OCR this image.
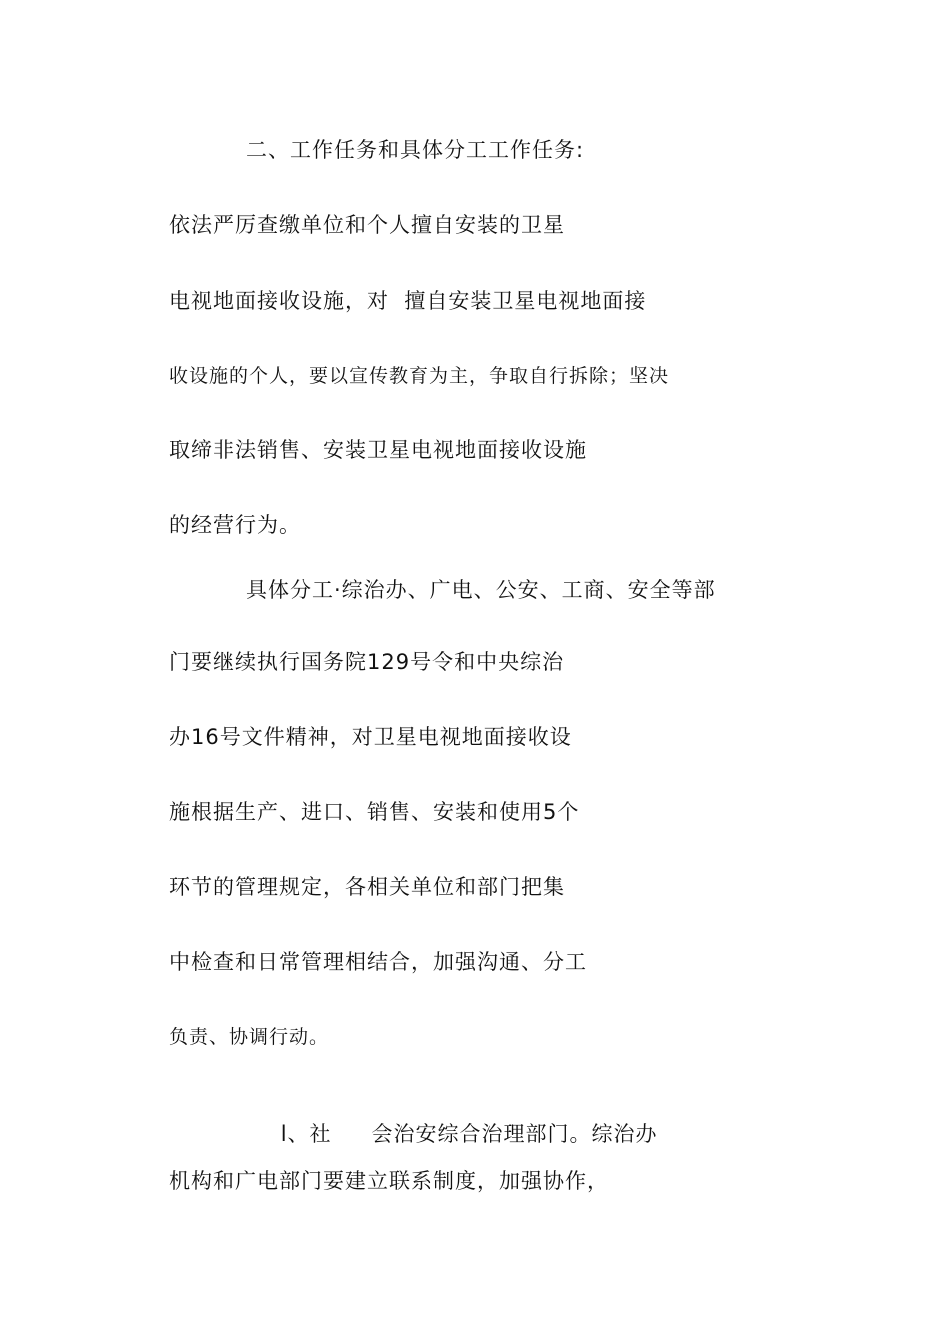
二、工作任务和具体分工工作任务:
依法严厉查缴单位和个人擅自安装的卫星
电视地面接收设施，对  擅自安装卫星电视地面接
收设施的个人，要以宣传教育为主，争取自行拆除；坚决
取缔非法销售、安装卫星电视地面接收设施
的经营行为。
具体分工·综治办、广电、公安、工商、安全等部
门要继续执行国务院129号令和中央综治
办16号文件精神，对卫星电视地面接收设
施根据生产、进口、销售、安装和使用5个
环节的管理规定，各相关单位和部门把集
中检查和日常管理相结合，加强沟通、分工
负责、协调行动。

l、社 会治安综合治理部门。综治办

机构和广电部门要建立联系制度，加强协作，
